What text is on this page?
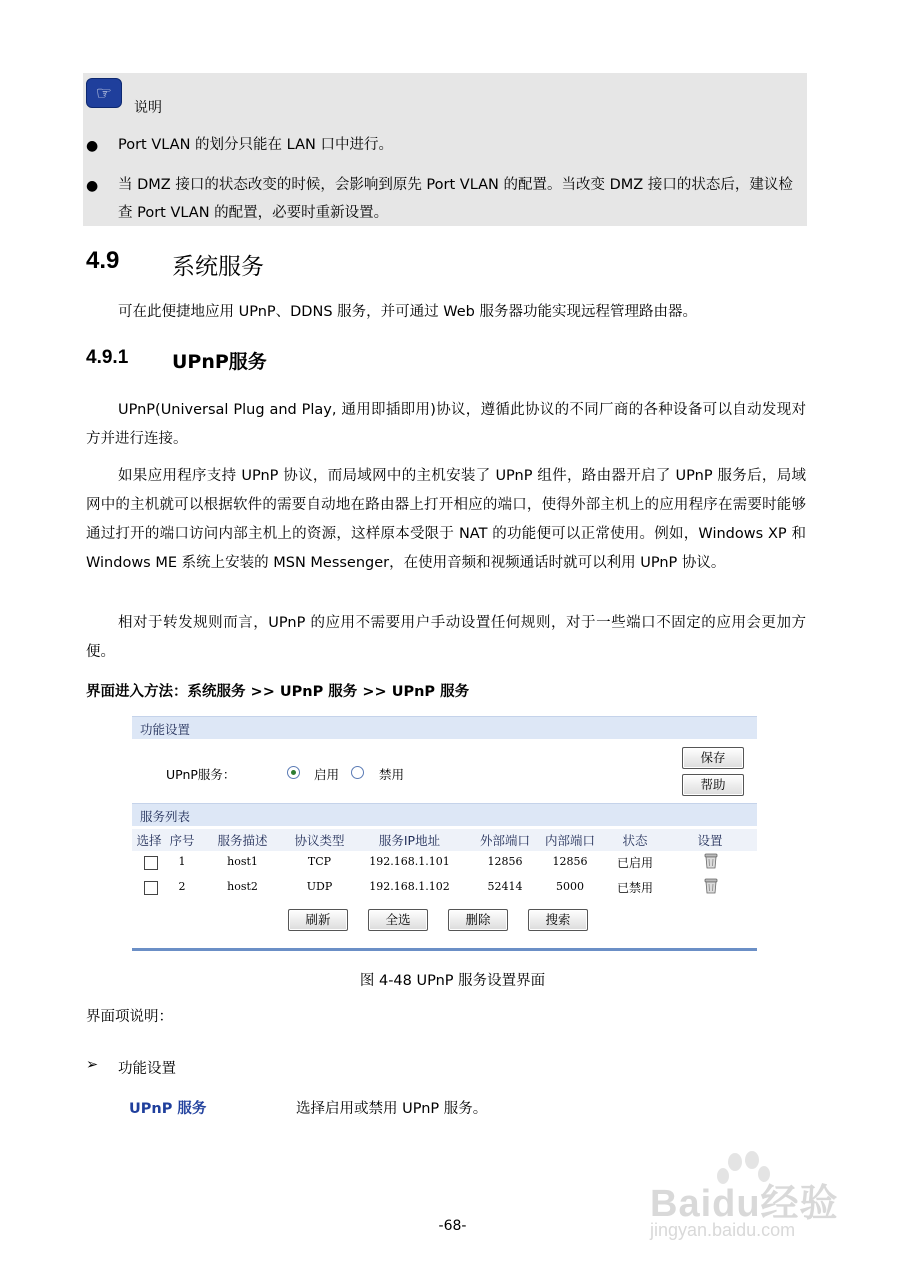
☞
说明
● Port VLAN 的划分只能在 LAN 口中进行。
● 当 DMZ 接口的状态改变的时候，会影响到原先 Port VLAN 的配置。当改变 DMZ 接口的状态后，建议检查 Port VLAN 的配置，必要时重新设置。
4.9 系统服务
可在此便捷地应用 UPnP、DDNS 服务，并可通过 Web 服务器功能实现远程管理路由器。
4.9.1 UPnP服务
UPnP(Universal Plug and Play, 通用即插即用)协议，遵循此协议的不同厂商的各种设备可以自动发现对方并进行连接。
如果应用程序支持 UPnP 协议，而局域网中的主机安装了 UPnP 组件，路由器开启了 UPnP 服务后，局域网中的主机就可以根据软件的需要自动地在路由器上打开相应的端口，使得外部主机上的应用程序在需要时能够通过打开的端口访问内部主机上的资源，这样原本受限于 NAT 的功能便可以正常使用。例如，Windows XP 和 Windows ME 系统上安装的 MSN Messenger，在使用音频和视频通话时就可以利用 UPnP 协议。
相对于转发规则而言，UPnP 的应用不需要用户手动设置任何规则，对于一些端口不固定的应用会更加方便。
界面进入方法：系统服务 >> UPnP 服务 >> UPnP 服务
功能设置
UPnP服务：	启用	禁用
保存
帮助
服务列表
选择 序号	服务描述	协议类型	服务IP地址	外部端口	内部端口	状态	设置
1	host1	TCP	192.168.1.101	12856	12856	已启用
2	host2	UDP	192.168.1.102	52414	5000	已禁用
刷新	全选	删除	搜索
图 4-48 UPnP 服务设置界面
界面项说明：
➢ 功能设置
UPnP 服务	选择启用或禁用 UPnP 服务。
Baidu经验
jingyan.baidu.com
-68-
